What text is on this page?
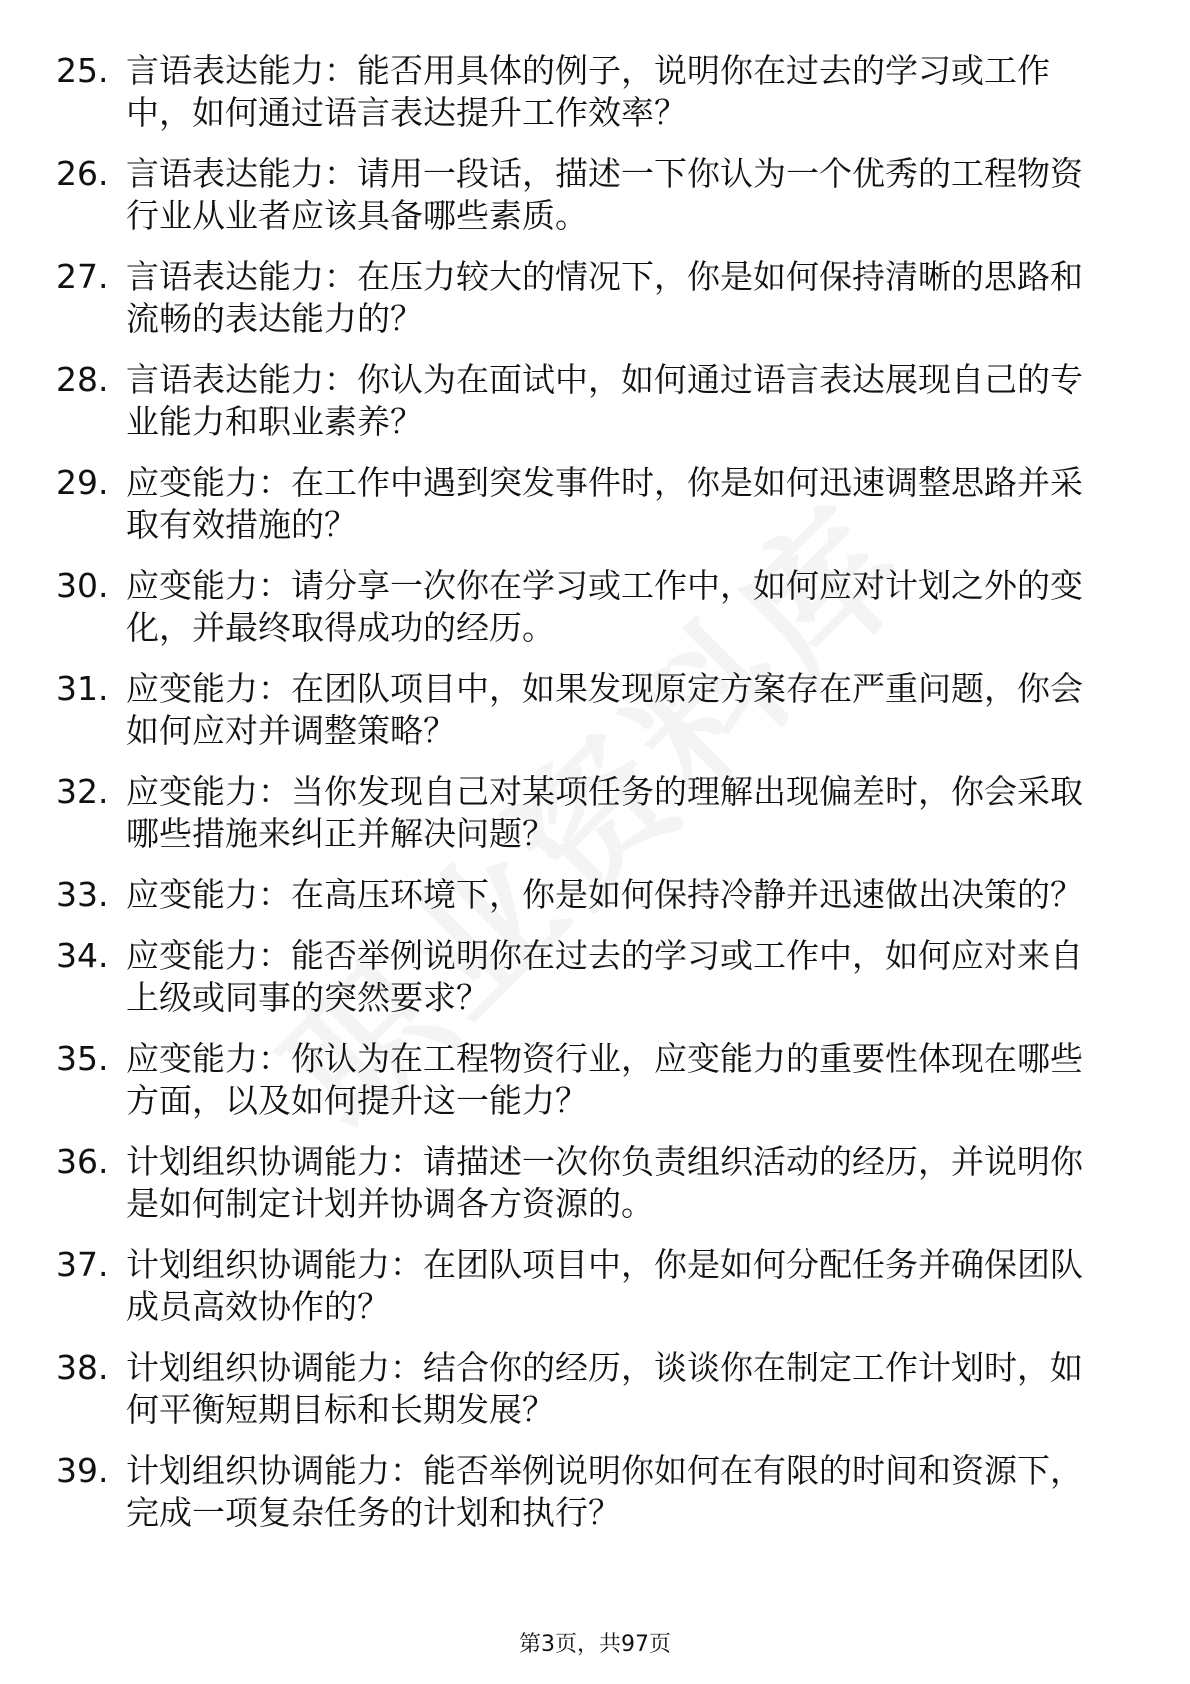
25. 言语表达能力：能否用具体的例子，说明你在过去的学习或工作中，如何通过语言表达提升工作效率？
26. 言语表达能力：请用一段话，描述一下你认为一个优秀的工程物资行业从业者应该具备哪些素质。
27. 言语表达能力：在压力较大的情况下，你是如何保持清晰的思路和流畅的表达能力的？
28. 言语表达能力：你认为在面试中，如何通过语言表达展现自己的专业能力和职业素养？
29. 应变能力：在工作中遇到突发事件时，你是如何迅速调整思路并采取有效措施的？
30. 应变能力：请分享一次你在学习或工作中，如何应对计划之外的变化，并最终取得成功的经历。
31. 应变能力：在团队项目中，如果发现原定方案存在严重问题，你会如何应对并调整策略？
32. 应变能力：当你发现自己对某项任务的理解出现偏差时，你会采取哪些措施来纠正并解决问题？
33. 应变能力：在高压环境下，你是如何保持冷静并迅速做出决策的？
34. 应变能力：能否举例说明你在过去的学习或工作中，如何应对来自上级或同事的突然要求？
35. 应变能力：你认为在工程物资行业，应变能力的重要性体现在哪些方面，以及如何提升这一能力？
36. 计划组织协调能力：请描述一次你负责组织活动的经历，并说明你是如何制定计划并协调各方资源的。
37. 计划组织协调能力：在团队项目中，你是如何分配任务并确保团队成员高效协作的？
38. 计划组织协调能力：结合你的经历，谈谈你在制定工作计划时，如何平衡短期目标和长期发展？
39. 计划组织协调能力：能否举例说明你如何在有限的时间和资源下，完成一项复杂任务的计划和执行？
第3页，共97页
